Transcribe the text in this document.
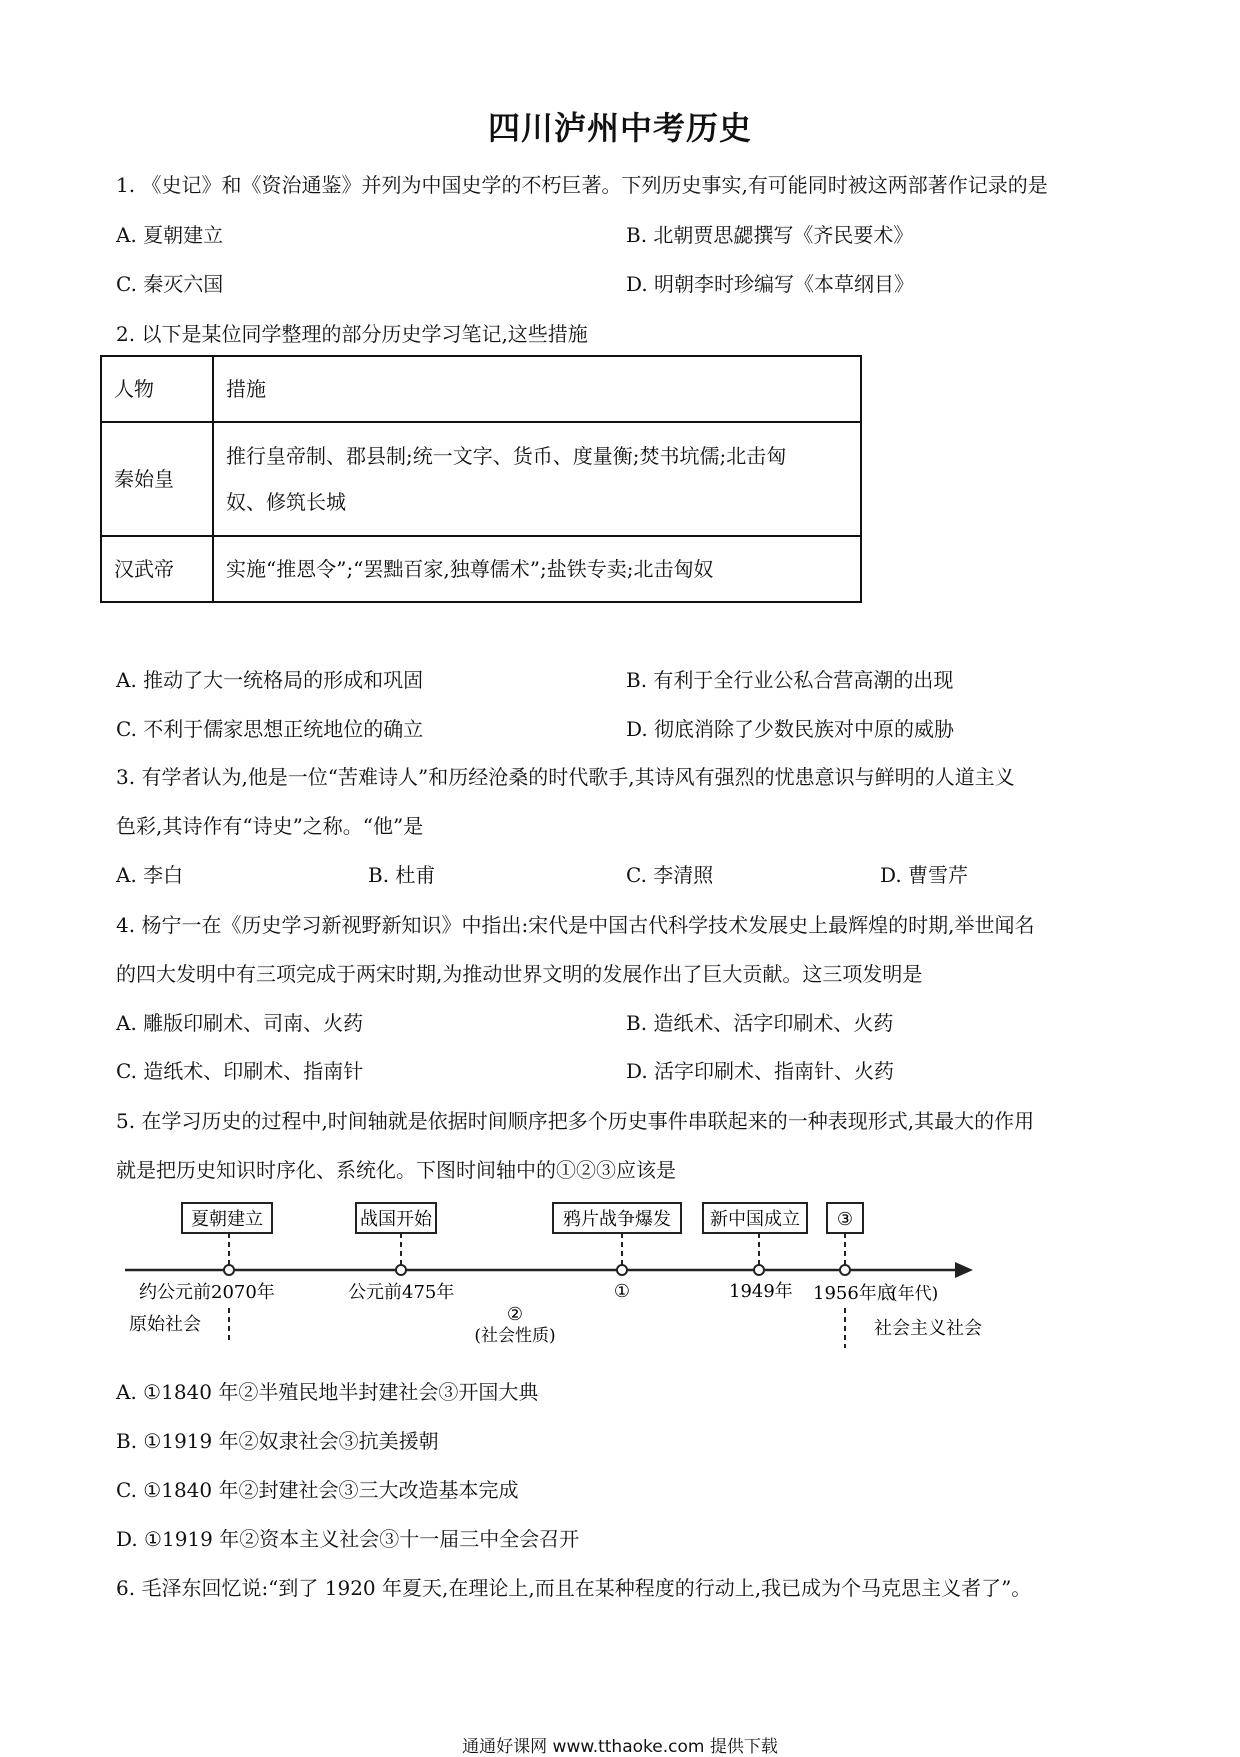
四川泸州中考历史
1. 《史记》和《资治通鉴》并列为中国史学的不朽巨著。下列历史事实,有可能同时被这两部著作记录的是
A. 夏朝建立	B. 北朝贾思勰撰写《齐民要术》
C. 秦灭六国	D. 明朝李时珍编写《本草纲目》
2. 以下是某位同学整理的部分历史学习笔记,这些措施
人物	措施
秦始皇	推行皇帝制、郡县制;统一文字、货币、度量衡;焚书坑儒;北击匈
奴、修筑长城

汉武帝	实施“推恩令”;“罢黜百家,独尊儒术”;盐铁专卖;北击匈奴
A. 推动了大一统格局的形成和巩固	B. 有利于全行业公私合营高潮的出现
C. 不利于儒家思想正统地位的确立	D. 彻底消除了少数民族对中原的威胁
3. 有学者认为,他是一位“苦难诗人”和历经沧桑的时代歌手,其诗风有强烈的忧患意识与鲜明的人道主义
色彩,其诗作有“诗史”之称。“他”是
A. 李白	B. 杜甫	C. 李清照	D. 曹雪芹
4. 杨宁一在《历史学习新视野新知识》中指出:宋代是中国古代科学技术发展史上最辉煌的时期,举世闻名
的四大发明中有三项完成于两宋时期,为推动世界文明的发展作出了巨大贡献。这三项发明是
A. 雕版印刷术、司南、火药	B. 造纸术、活字印刷术、火药
C. 造纸术、印刷术、指南针	D. 活字印刷术、指南针、火药
5. 在学习历史的过程中,时间轴就是依据时间顺序把多个历史事件串联起来的一种表现形式,其最大的作用
就是把历史知识时序化、系统化。下图时间轴中的①②③应该是
夏朝建立	战国开始	鸦片战争爆发 新中国成立 ③
约公元前2070年	公元前475年	①	1949年 1956年底
(年代)
原始社会	②
(社会性质)	社会主义社会
A. ①1840 年②半殖民地半封建社会③开国大典
B. ①1919 年②奴隶社会③抗美援朝
C. ①1840 年②封建社会③三大改造基本完成
D. ①1919 年②资本主义社会③十一届三中全会召开
6. 毛泽东回忆说:“到了 1920 年夏天,在理论上,而且在某种程度的行动上,我已成为个马克思主义者了”。
通通好课网 www.tthaoke.com 提供下载
